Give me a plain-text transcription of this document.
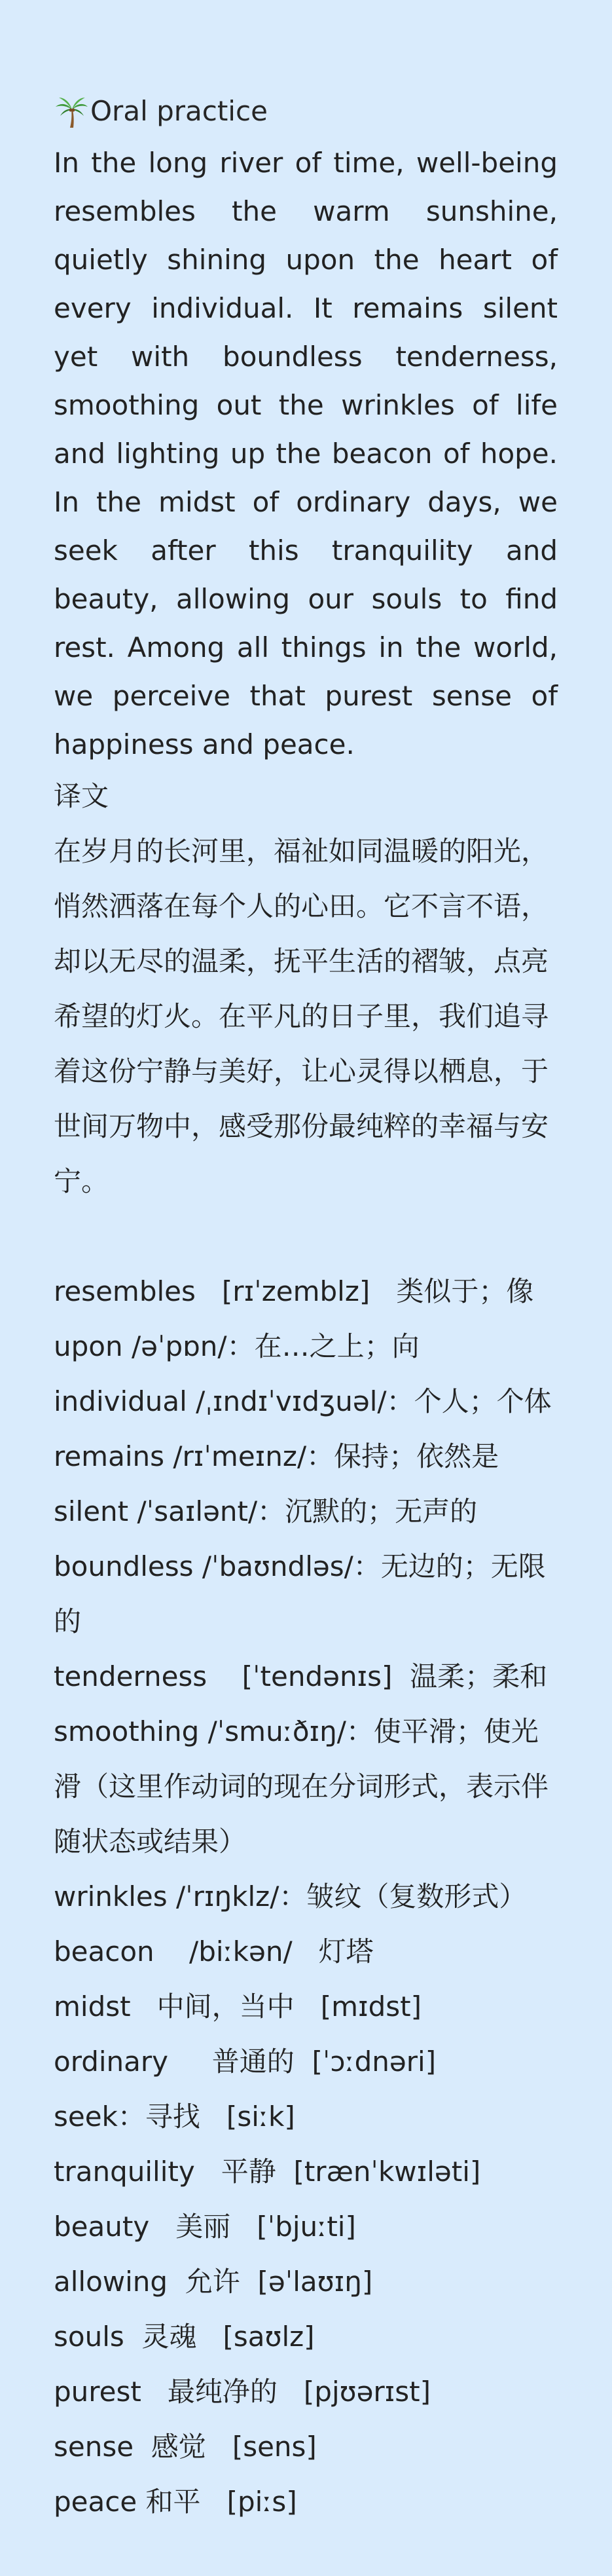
Oral practice

In the long river of time, well-being resembles the warm sunshine, quietly shining upon the heart of every individual. It remains silent yet with boundless tenderness, smoothing out the wrinkles of life and lighting up the beacon of hope. In the midst of ordinary days, we seek after this tranquility and beauty, allowing our souls to find rest. Among all things in the world, we perceive that purest sense of happiness and peace.

译文

在岁月的长河里，福祉如同温暖的阳光，悄然洒落在每个人的心田。它不言不语，却以无尽的温柔，抚平生活的褶皱，点亮希望的灯火。在平凡的日子里，我们追寻着这份宁静与美好，让心灵得以栖息，于世间万物中，感受那份最纯粹的幸福与安宁。

resembles   [rɪˈzemblz]   类似于；像
upon /əˈpɒn/：在…之上；向
individual /ˌɪndɪˈvɪdʒuəl/：个人；个体
remains /rɪˈmeɪnz/：保持；依然是
silent /ˈsaɪlənt/：沉默的；无声的
boundless /ˈbaʊndləs/：无边的；无限的
tenderness    [ˈtendənɪs]  温柔；柔和
smoothing /ˈsmuːðɪŋ/：使平滑；使光滑（这里作动词的现在分词形式，表示伴随状态或结果）
wrinkles /ˈrɪŋklz/：皱纹（复数形式）
beacon    /biːkən/   灯塔
midst   中间，当中   [mɪdst]
ordinary     普通的  [ˈɔːdnəri]
seek：寻找   [siːk]
tranquility   平静  [trænˈkwɪləti]
beauty   美丽   [ˈbjuːti]
allowing  允许  [əˈlaʊɪŋ]
souls  灵魂   [saʊlz]
purest   最纯净的   [pjʊərɪst]
sense  感觉   [sens]
peace 和平   [piːs]
